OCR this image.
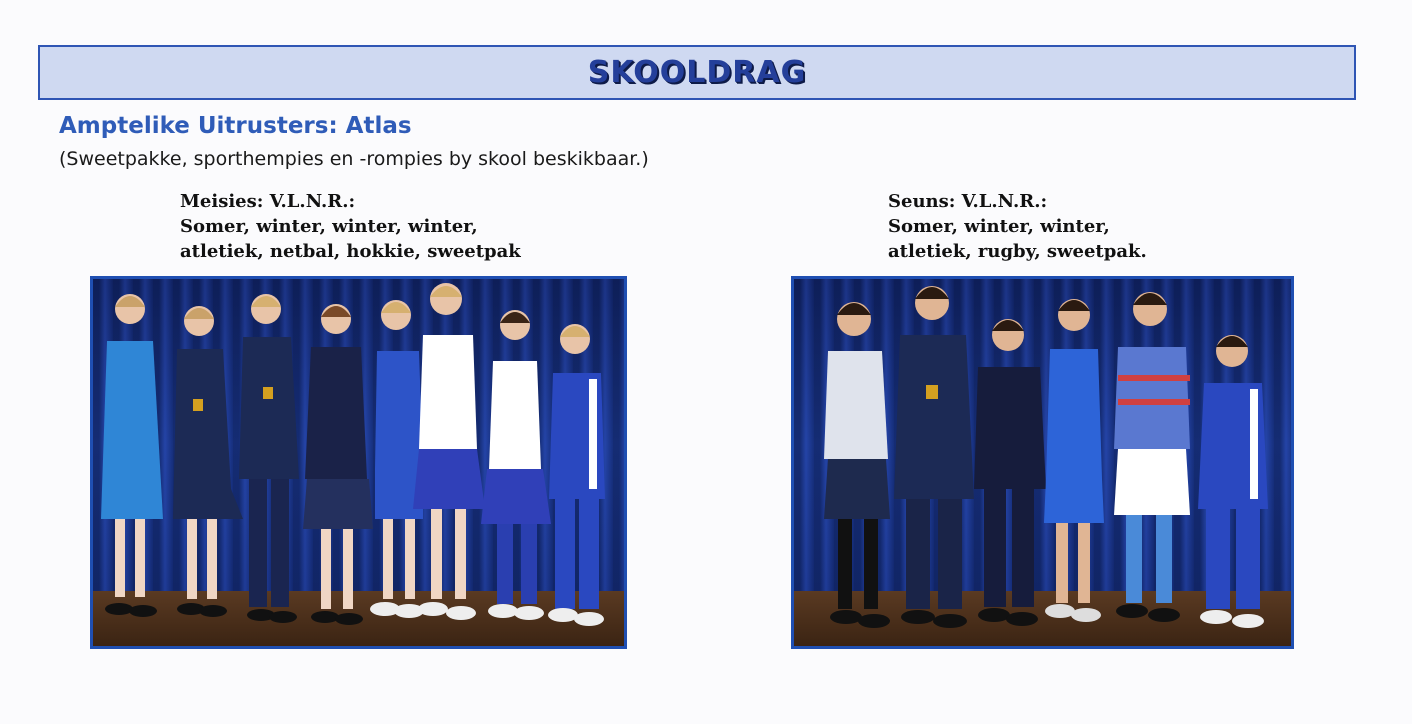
SKOOLDRAG
Amptelike Uitrusters: Atlas
(Sweetpakke, sporthempies en -rompies by skool beskikbaar.)
Meisies: V.L.N.R.:
Somer, winter, winter, winter,
atletiek, netbal, hokkie, sweetpak
Seuns: V.L.N.R.:
Somer, winter, winter,
atletiek, rugby, sweetpak.
